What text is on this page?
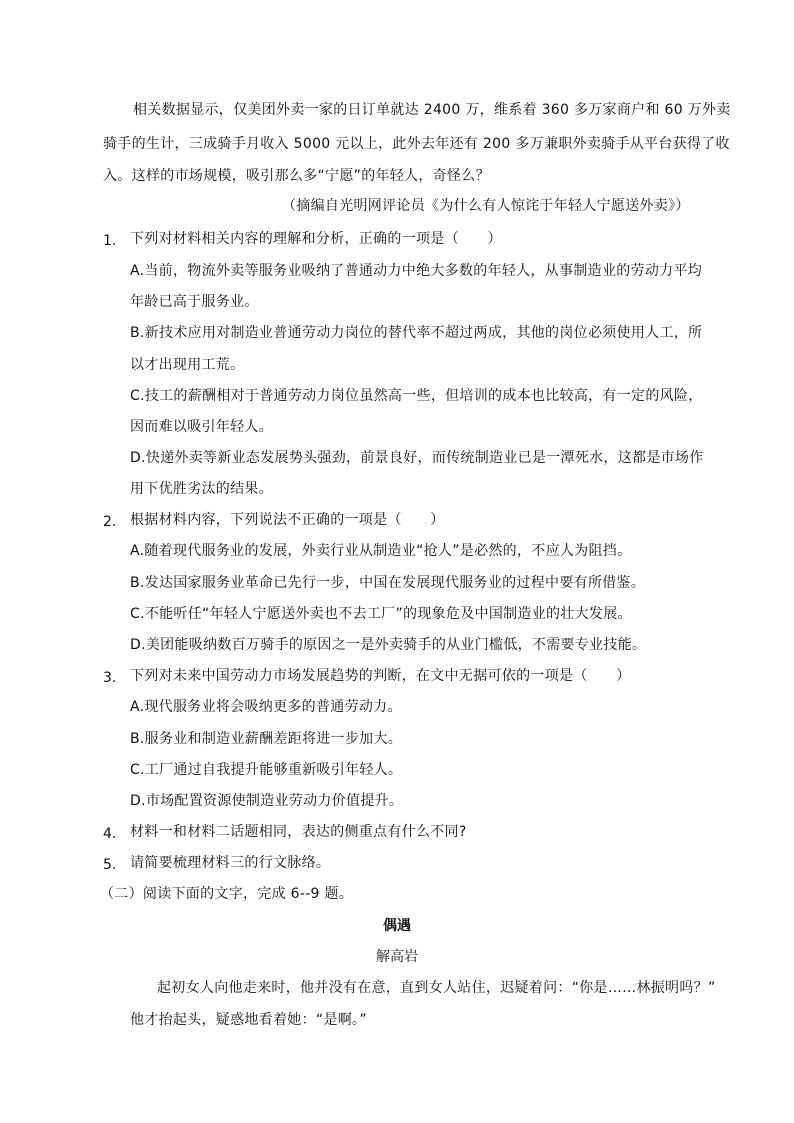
相关数据显示，仅美团外卖一家的日订单就达 2400 万，维系着 360 多万家商户和 60 万外卖
骑手的生计，三成骑手月收入 5000 元以上，此外去年还有 200 多万兼职外卖骑手从平台获得了收
入。这样的市场规模，吸引那么多“宁愿”的年轻人，奇怪么？
（摘编自光明网评论员《为什么有人惊诧于年轻人宁愿送外卖》）
1. 下列对材料相关内容的理解和分析，正确的一项是（　　）
A.当前，物流外卖等服务业吸纳了普通动力中绝大多数的年轻人，从事制造业的劳动力平均
年龄已高于服务业。
B.新技术应用对制造业普通劳动力岗位的替代率不超过两成，其他的岗位必须使用人工，所
以才出现用工荒。
C.技工的薪酬相对于普通劳动力岗位虽然高一些，但培训的成本也比较高，有一定的风险，
因而难以吸引年轻人。
D.快递外卖等新业态发展势头强劲，前景良好，而传统制造业已是一潭死水，这都是市场作
用下优胜劣汰的结果。
2. 根据材料内容，下列说法不正确的一项是（　　）
A.随着现代服务业的发展，外卖行业从制造业“抢人”是必然的，不应人为阻挡。
B.发达国家服务业革命已先行一步，中国在发展现代服务业的过程中要有所借鉴。
C.不能听任“年轻人宁愿送外卖也不去工厂”的现象危及中国制造业的壮大发展。
D.美团能吸纳数百万骑手的原因之一是外卖骑手的从业门槛低，不需要专业技能。
3. 下列对未来中国劳动力市场发展趋势的判断，在文中无据可依的一项是（　　）
A.现代服务业将会吸纳更多的普通劳动力。
B.服务业和制造业薪酬差距将进一步加大。
C.工厂通过自我提升能够重新吸引年轻人。
D.市场配置资源使制造业劳动力价值提升。
4. 材料一和材料二话题相同，表达的侧重点有什么不同?
5. 请简要梳理材料三的行文脉络。
（二）阅读下面的文字，完成 6--9 题。
偶遇
解高岩
起初女人向他走来时，他并没有在意，直到女人站住，迟疑着问：“你是……林振明吗？”
他才抬起头，疑惑地看着她：“是啊。”
